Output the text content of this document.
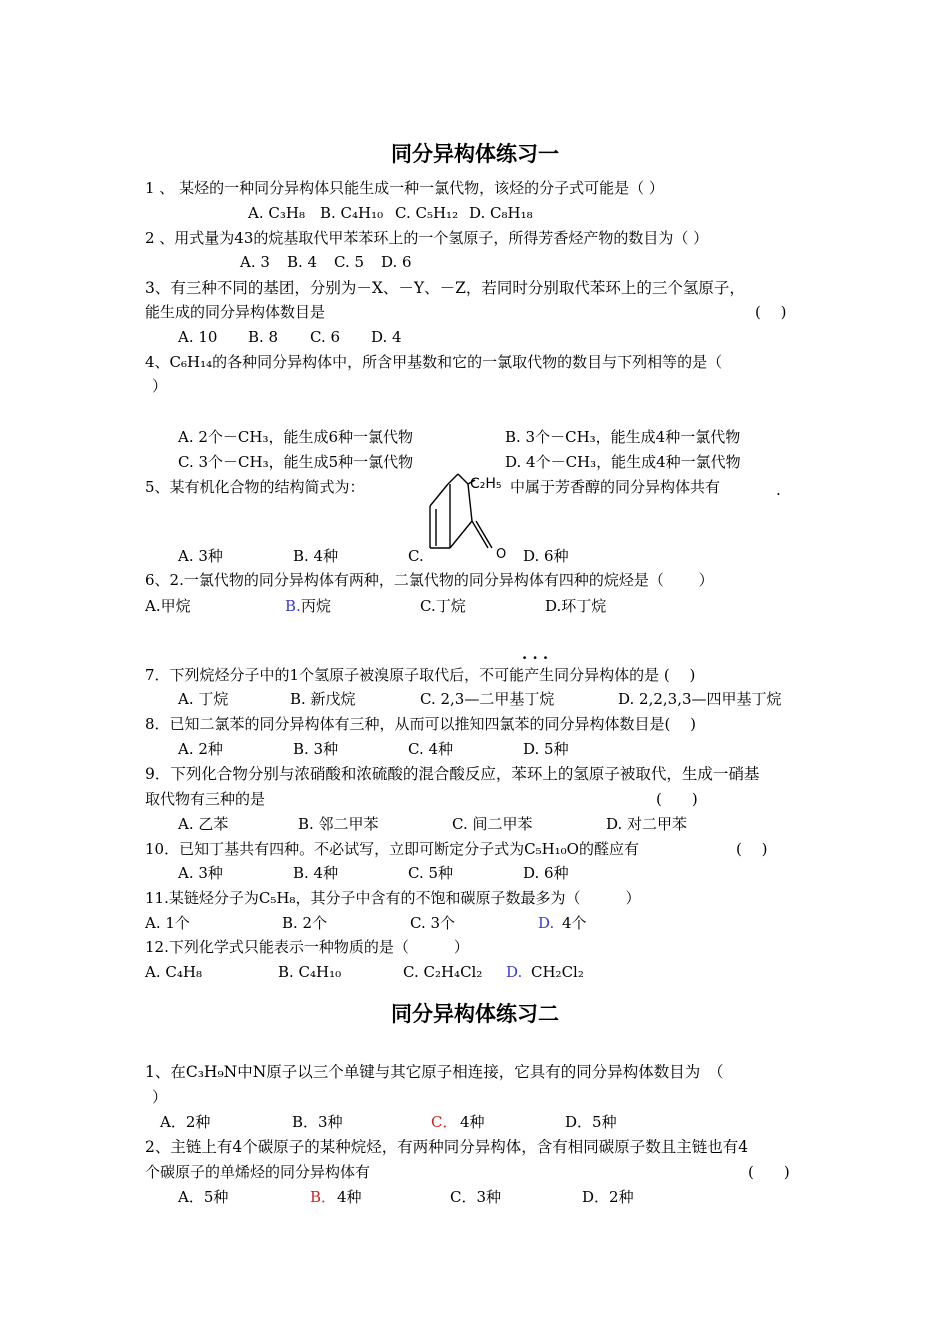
同分异构体练习一
1 、 某烃的一种同分异构体只能生成一种一氯代物，该烃的分子式可能是（ ）
A. C₃H₈ B. C₄H₁₀ C. C₅H₁₂ D. C₈H₁₈
2 、用式量为43的烷基取代甲苯苯环上的一个氢原子，所得芳香烃产物的数目为（ ）
A. 3 B. 4 C. 5 D. 6
3、有三种不同的基团，分别为－X、－Y、－Z，若同时分别取代苯环上的三个氢原子，
能生成的同分异构体数目是	(　 )
A. 10 B. 8 C. 6 D. 4
4、C₆H₁₄的各种同分异构体中，所含甲基数和它的一氯取代物的数目与下列相等的是（
）
A. 2个－CH₃，能生成6种一氯代物	B. 3个－CH₃，能生成4种一氯代物
C. 3个－CH₃，能生成5种一氯代物	D. 4个－CH₃，能生成4种一氯代物
5、某有机化合物的结构简式为：	中属于芳香醇的同分异构体共有	.
C₂H₅
O
A. 3种	B. 4种	C.	D. 6种
6、2.一氯代物的同分异构体有两种，二氯代物的同分异构体有四种的烷烃是（　　 ）
A.甲烷	B. 丙烷	C.丁烷	D.环丁烷
· · ·
7．下列烷烃分子中的1个氢原子被溴原子取代后，不可能产生同分异构体的是 (　 )
A. 丁烷	B. 新戊烷	C. 2,3—二甲基丁烷	D. 2,2,3,3—四甲基丁烷
8．已知二氯苯的同分异构体有三种，从而可以推知四氯苯的同分异构体数目是(　 )
A. 2种	B. 3种	C. 4种	D. 5种
9．下列化合物分别与浓硝酸和浓硫酸的混合酸反应，苯环上的氢原子被取代，生成一硝基
取代物有三种的是	(　　)
A. 乙苯	B. 邻二甲苯	C. 间二甲苯	D. 对二甲苯
10．已知丁基共有四种。不必试写，立即可断定分子式为C₅H₁₀O的醛应有	(　 )
A. 3种	B. 4种	C. 5种	D. 6种
11.某链烃分子为C₅H₈，其分子中含有的不饱和碳原子数最多为（　　　）
A. 1个	B. 2个	C. 3个	D. 4个
12.下列化学式只能表示一种物质的是（　　　）
A. C₄H₈	B. C₄H₁₀	C. C₂H₄Cl₂ D. CH₂Cl₂
同分异构体练习二
1、在C₃H₉N中N原子以三个单键与其它原子相连接，它具有的同分异构体数目为　（
）
A．2种	B．3种	C． 4种	D．5种
2、主链上有4个碳原子的某种烷烃，有两种同分异构体，含有相同碳原子数且主链也有4
个碳原子的单烯烃的同分异构体有	(　　)
A．5种	B． 4种	C．3种	D．2种
